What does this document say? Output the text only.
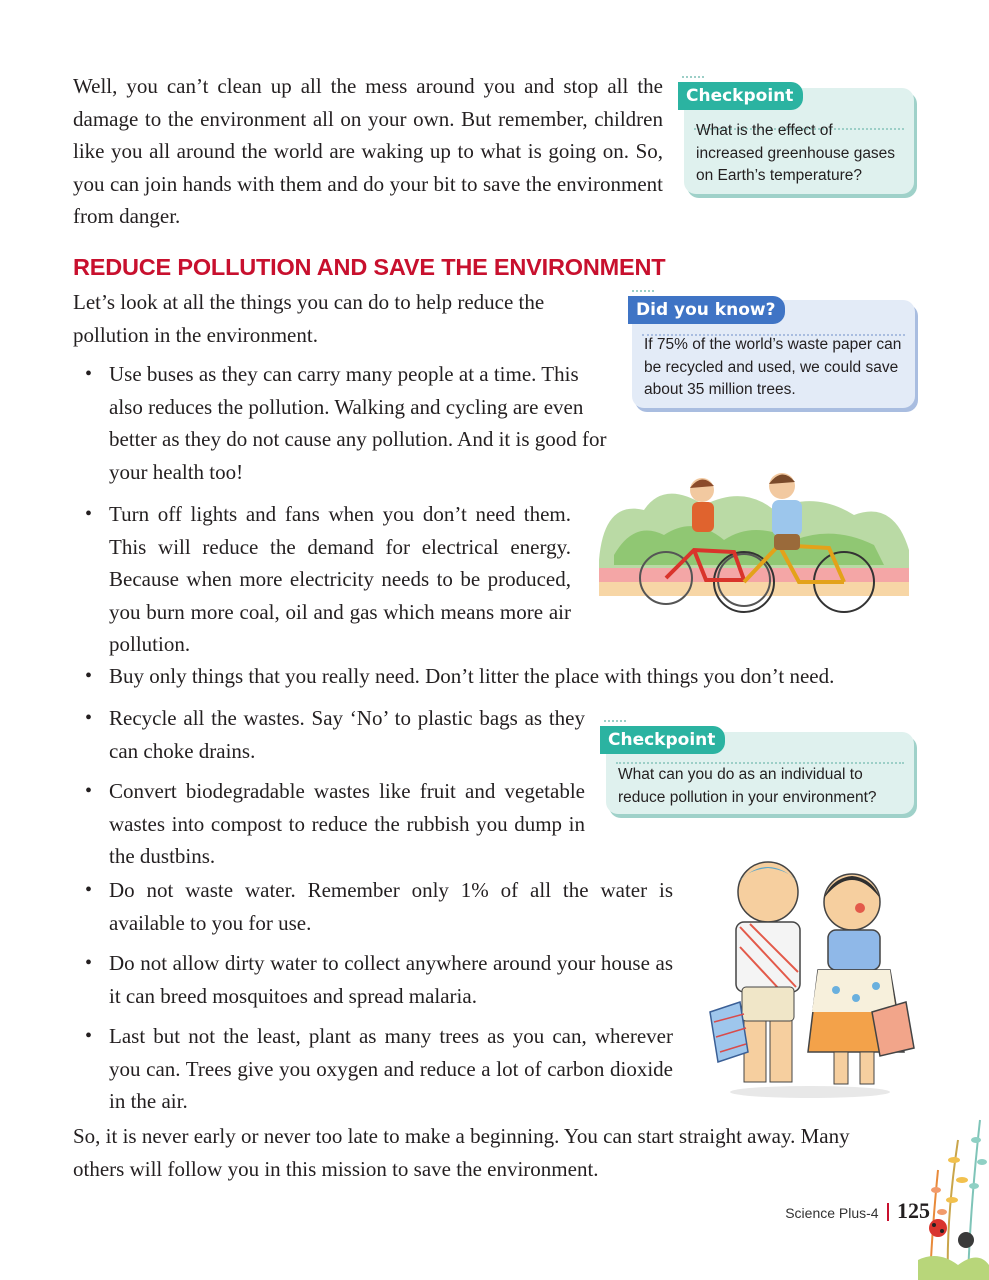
Well, you can’t clean up all the mess around you and stop all the damage to the environment all on your own. But remember, children like you all around the world are waking up to what is going on. So, you can join hands with them and do your bit to save the environment from danger.

What is the effect of increased greenhouse gases on Earth’s temperature?
Checkpoint
REDUCE POLLUTION AND SAVE THE ENVIRONMENT

Let’s look at all the things you can do to help reduce the pollution in the environment.	If 75% of the world’s waste paper can be recycled and used, we could save about 35 million trees.
Did you know?
• Use buses as they can carry many people at a time. This also reduces the pollution. Walking and cycling are even better as they do not cause any pollution. And it is good for your health too!
• Turn off lights and fans when you don’t need them. This will reduce the demand for electrical energy. Because when more electricity needs to be produced, you burn more coal, oil and gas which means more air pollution.
• Buy only things that you really need. Don’t litter the place with things you don’t need.
• Recycle all the wastes. Say ‘No’ to plastic bags as they can choke drains.
• Convert biodegradable wastes like fruit and vegetable wastes into compost to reduce the rubbish you dump in the dustbins.
What can you do as an individual to reduce pollution in your environment?
Checkpoint
• Do not waste water. Remember only 1% of all the water is available to you for use.
• Do not allow dirty water to collect anywhere around your house as it can breed mosquitoes and spread malaria.
• Last but not the least, plant as many trees as you can, wherever you can. Trees give you oxygen and reduce a lot of carbon dioxide in the air.

So, it is never early or never too late to make a beginning. You can start straight away. Many others will follow you in this mission to save the environment.

Science Plus-4 125
